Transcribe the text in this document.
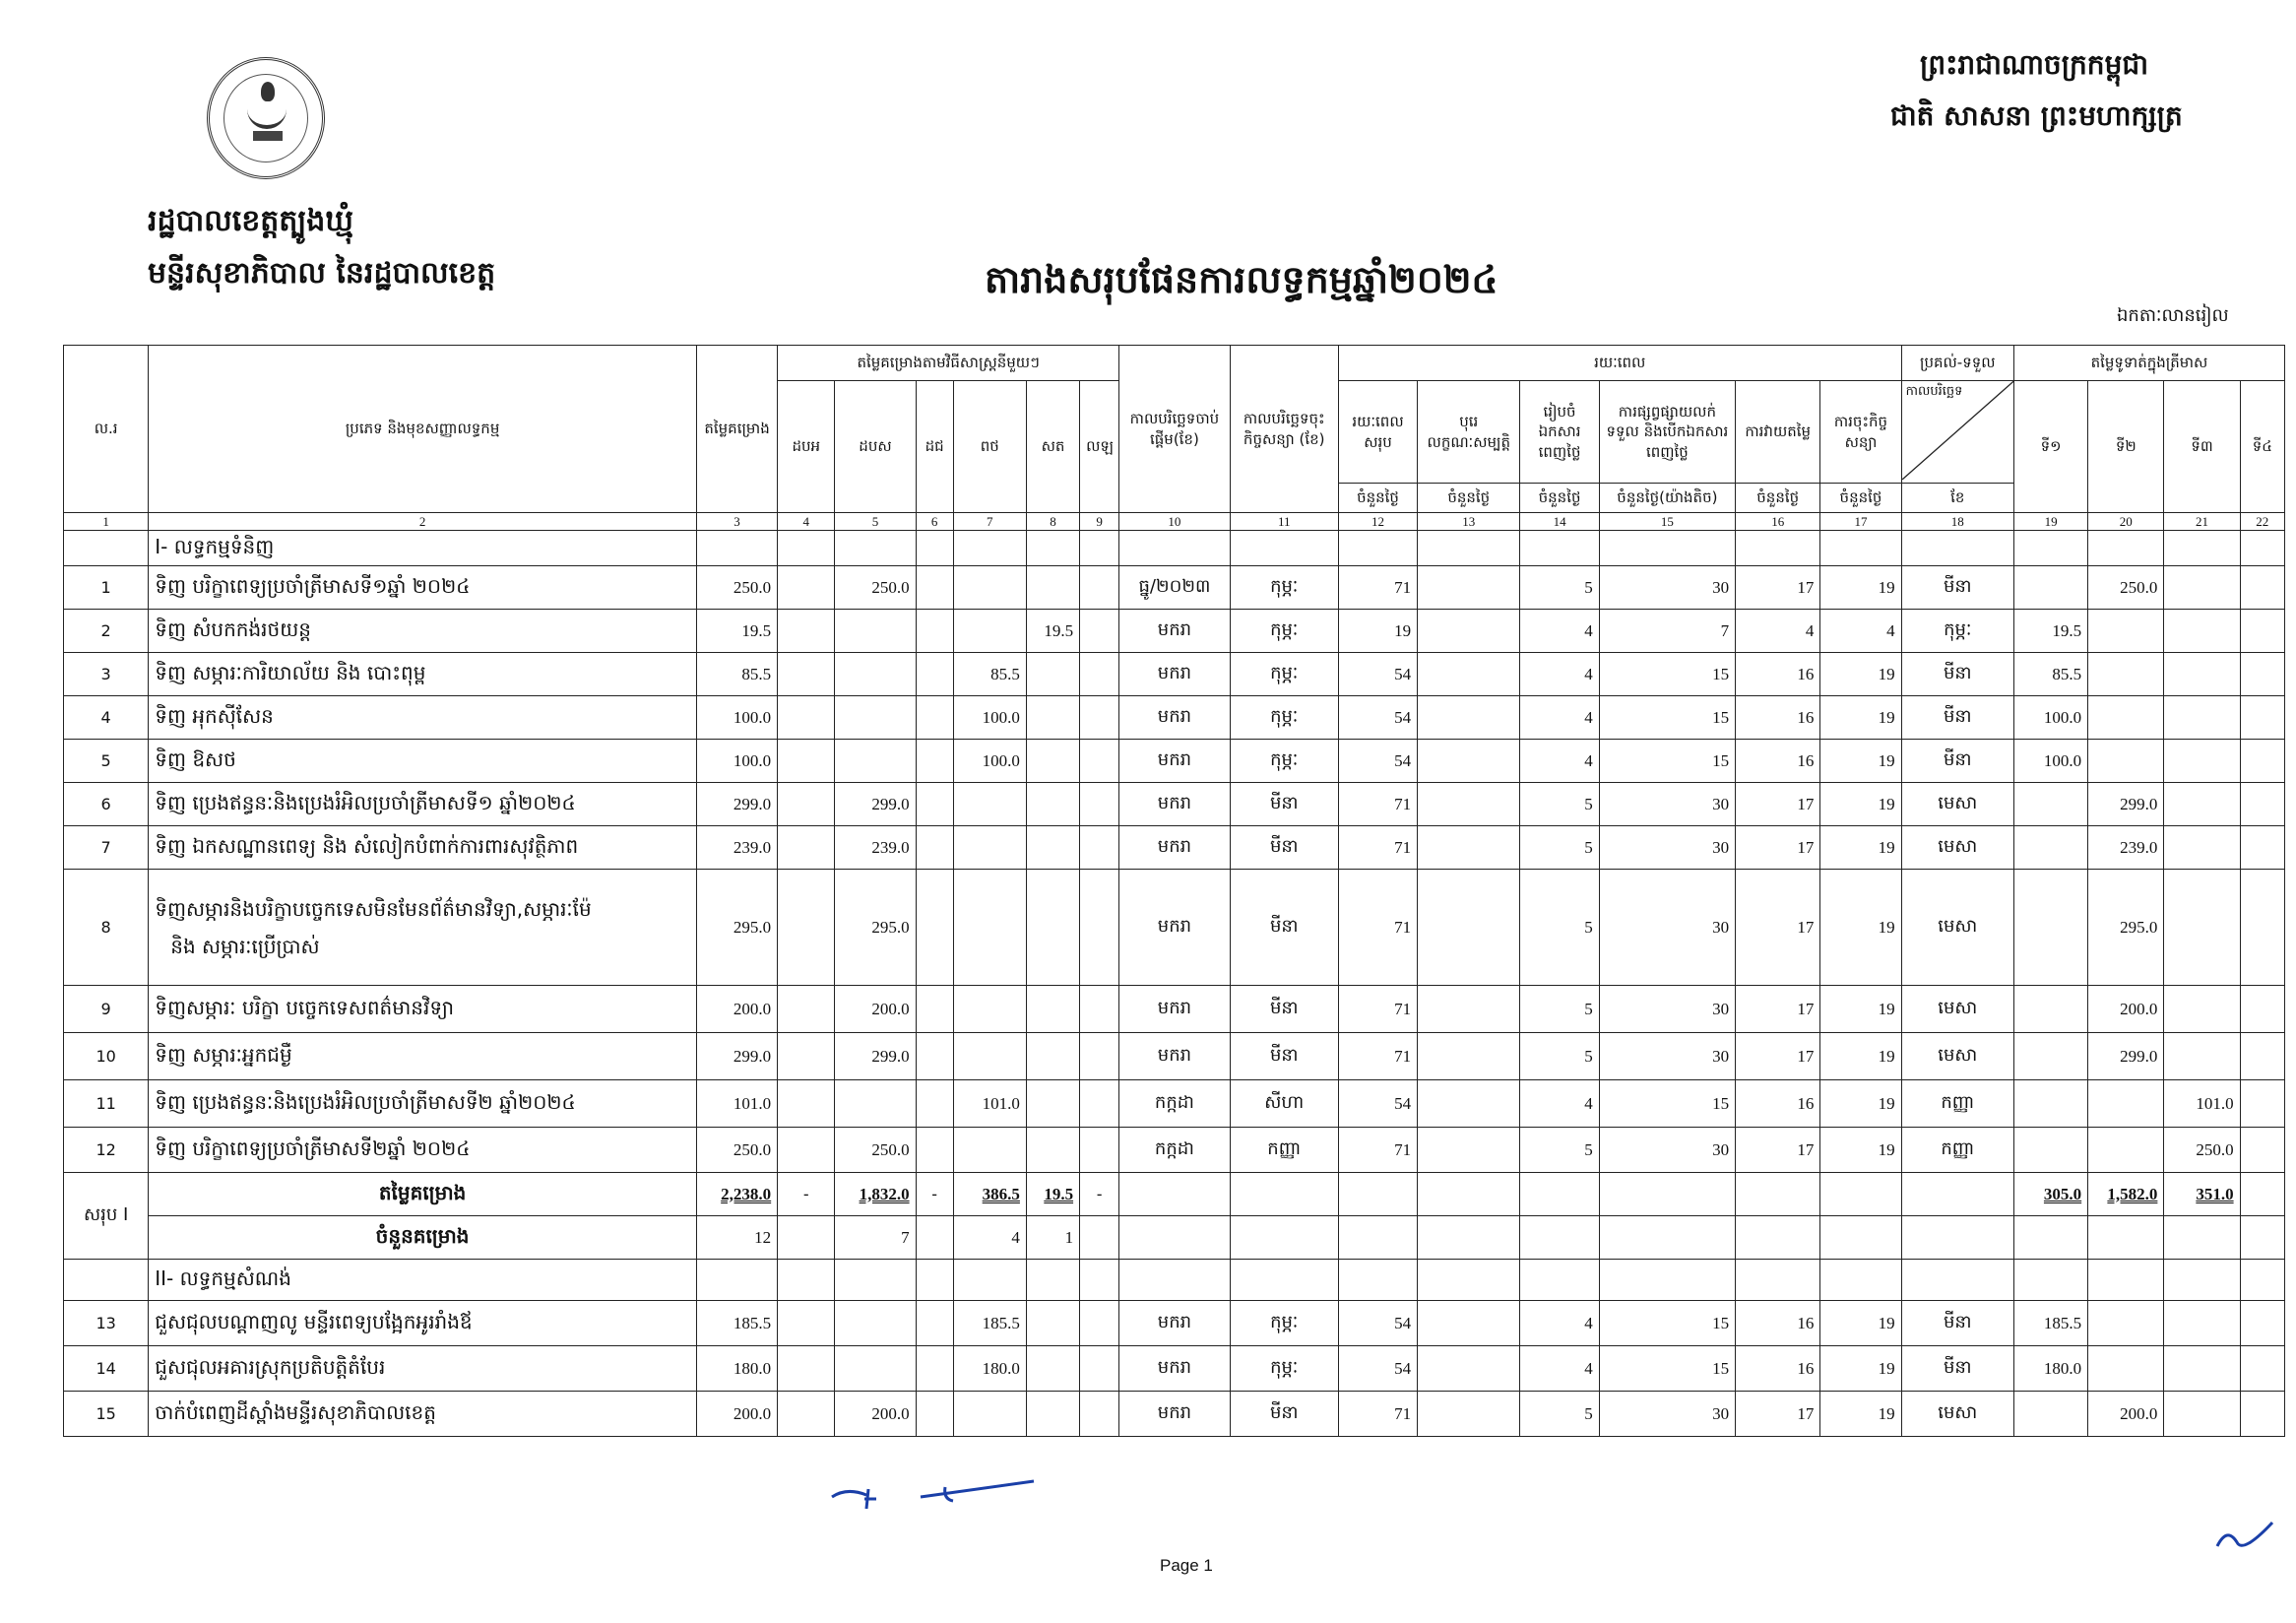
រដ្ឋបាលខេត្តត្បូងឃ្មុំ
មន្ទីរសុខាភិបាល នៃរដ្ឋបាលខេត្ត
ព្រះរាជាណាចក្រកម្ពុជា
ជាតិ សាសនា ព្រះមហាក្សត្រ
តារាងសរុបផែនការលទ្ធកម្មឆ្នាំ២០២៤
ឯកតាៈលានរៀល
ល.រ	ប្រភេទ និងមុខសញ្ញាលទ្ធកម្ម	តម្លៃគម្រោង	តម្លៃគម្រោងតាមវិធីសាស្ត្រនីមួយៗ						កាលបរិច្ឆេទចាប់ផ្តើម(ខែ)	កាលបរិច្ឆេទចុះកិច្ចសន្យា (ខែ)	រយៈពេល						ប្រគល់-ទទួល	តម្លៃទូទាត់ក្នុងត្រីមាស			
			ដបអ	ដបស	ដជ	ពថ	សត	លឡ			រយៈពេលសរុប	បុរេលក្ខណៈសម្បត្តិ	រៀបចំឯកសារពេញថ្លៃ	ការផ្សព្វផ្សាយលក់ ទទួល និងបើកឯកសារពេញថ្លៃ	ការវាយតម្លៃ	ការចុះកិច្ចសន្យា	កាលបរិច្ឆេទ	ទី១	ទី២	ទី៣	ទី៤
											ចំនួនថ្ងៃ	ចំនួនថ្ងៃ	ចំនួនថ្ងៃ	ចំនួនថ្ងៃ(យ៉ាងតិច)	ចំនួនថ្ងៃ	ចំនួនថ្ងៃ	ខែ				
1	2	3	4	5	6	7	8	9	10	11	12	13	14	15	16	17	18	19	20	21	22
	I- លទ្ធកម្មទំនិញ																				
1	ទិញ បរិក្ខាពេទ្យប្រចាំត្រីមាសទី១ឆ្នាំ ២០២៤	250.0		250.0					ធ្នូ/២០២៣	កុម្ភៈ	71		5	30	17	19	មីនា		250.0		
2	ទិញ សំបកកង់រថយន្ត	19.5					19.5		មករា	កុម្ភៈ	19		4	7	4	4	កុម្ភៈ	19.5			
3	ទិញ សម្ភារៈការិយាល័យ និង បោះពុម្ព	85.5				85.5			មករា	កុម្ភៈ	54		4	15	16	19	មីនា	85.5			
4	ទិញ អុកស៊ីសែន	100.0				100.0			មករា	កុម្ភៈ	54		4	15	16	19	មីនា	100.0			
5	ទិញ ឱសថ	100.0				100.0			មករា	កុម្ភៈ	54		4	15	16	19	មីនា	100.0			
6	ទិញ ប្រេងឥន្ធនៈនិងប្រេងរំអិលប្រចាំត្រីមាសទី១ ឆ្នាំ២០២៤	299.0		299.0					មករា	មីនា	71		5	30	17	19	មេសា		299.0		
7	ទិញ ឯកសណ្ឋានពេទ្យ និង សំលៀកបំពាក់ការពារសុវត្ថិភាព	239.0		239.0					មករា	មីនា	71		5	30	17	19	មេសា		239.0		
8	ទិញសម្ភារនិងបរិក្ខាបច្ចេកទេសមិនមែនព័ត៌មានវិទ្យា,សម្ភារៈម៉ែ
និង សម្ភារៈប្រើប្រាស់	295.0		295.0					មករា	មីនា	71		5	30	17	19	មេសា		295.0		
9	ទិញសម្ភារៈ បរិក្ខា បច្ចេកទេសពត៌មានវិទ្យា	200.0		200.0					មករា	មីនា	71		5	30	17	19	មេសា		200.0		
10	ទិញ សម្ភារៈអ្នកជម្ងឺ	299.0		299.0					មករា	មីនា	71		5	30	17	19	មេសា		299.0		
11	ទិញ ប្រេងឥន្ធនៈនិងប្រេងរំអិលប្រចាំត្រីមាសទី២ ឆ្នាំ២០២៤	101.0				101.0			កក្កដា	សីហា	54		4	15	16	19	កញ្ញា			101.0	
12	ទិញ បរិក្ខាពេទ្យប្រចាំត្រីមាសទី២ឆ្នាំ ២០២៤	250.0		250.0					កក្កដា	កញ្ញា	71		5	30	17	19	កញ្ញា			250.0	
សរុប I	តម្លៃគម្រោង	2,238.0	-	1,832.0	-	386.5	19.5	-										305.0	1,582.0	351.0	
	ចំនួនគម្រោង	12		7		4	1														
	II- លទ្ធកម្មសំណង់																				
13	ជួសជុលបណ្តាញលូ មន្ទីរពេទ្យបង្អែកអូររាំងឪ	185.5				185.5			មករា	កុម្ភៈ	54		4	15	16	19	មីនា	185.5			
14	ជួសជុលអគារស្រុកប្រតិបត្តិតំបែរ	180.0				180.0			មករា	កុម្ភៈ	54		4	15	16	19	មីនា	180.0			
15	ចាក់បំពេញដីស្ពាំងមន្ទីរសុខាភិបាលខេត្ត	200.0		200.0					មករា	មីនា	71		5	30	17	19	មេសា		200.0		
Page 1
